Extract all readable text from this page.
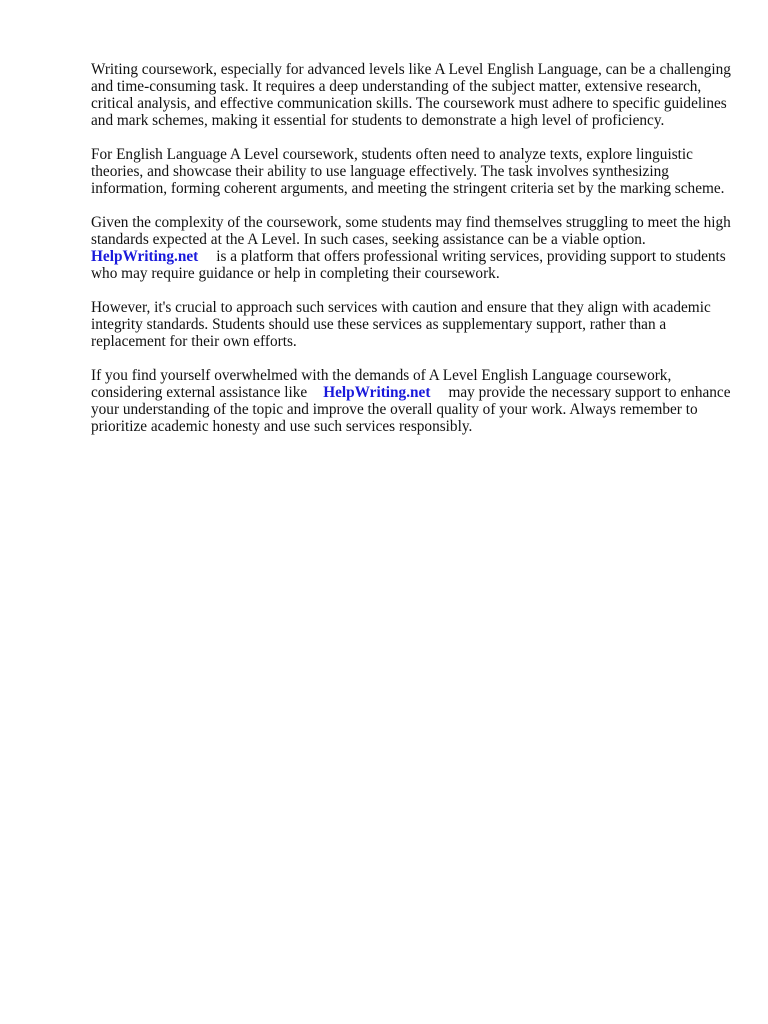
Writing coursework, especially for advanced levels like A Level English Language, can be a challenging and time-consuming task. It requires a deep understanding of the subject matter, extensive research, critical analysis, and effective communication skills. The coursework must adhere to specific guidelines and mark schemes, making it essential for students to demonstrate a high level of proficiency.

For English Language A Level coursework, students often need to analyze texts, explore linguistic theories, and showcase their ability to use language effectively. The task involves synthesizing information, forming coherent arguments, and meeting the stringent criteria set by the marking scheme.

Given the complexity of the coursework, some students may find themselves struggling to meet the high standards expected at the A Level. In such cases, seeking assistance can be a viable option.
HelpWriting.net is a platform that offers professional writing services, providing support to students who may require guidance or help in completing their coursework.

However, it's crucial to approach such services with caution and ensure that they align with academic integrity standards. Students should use these services as supplementary support, rather than a replacement for their own efforts.

If you find yourself overwhelmed with the demands of A Level English Language coursework, considering external assistance like HelpWriting.net may provide the necessary support to enhance your understanding of the topic and improve the overall quality of your work. Always remember to prioritize academic honesty and use such services responsibly.
